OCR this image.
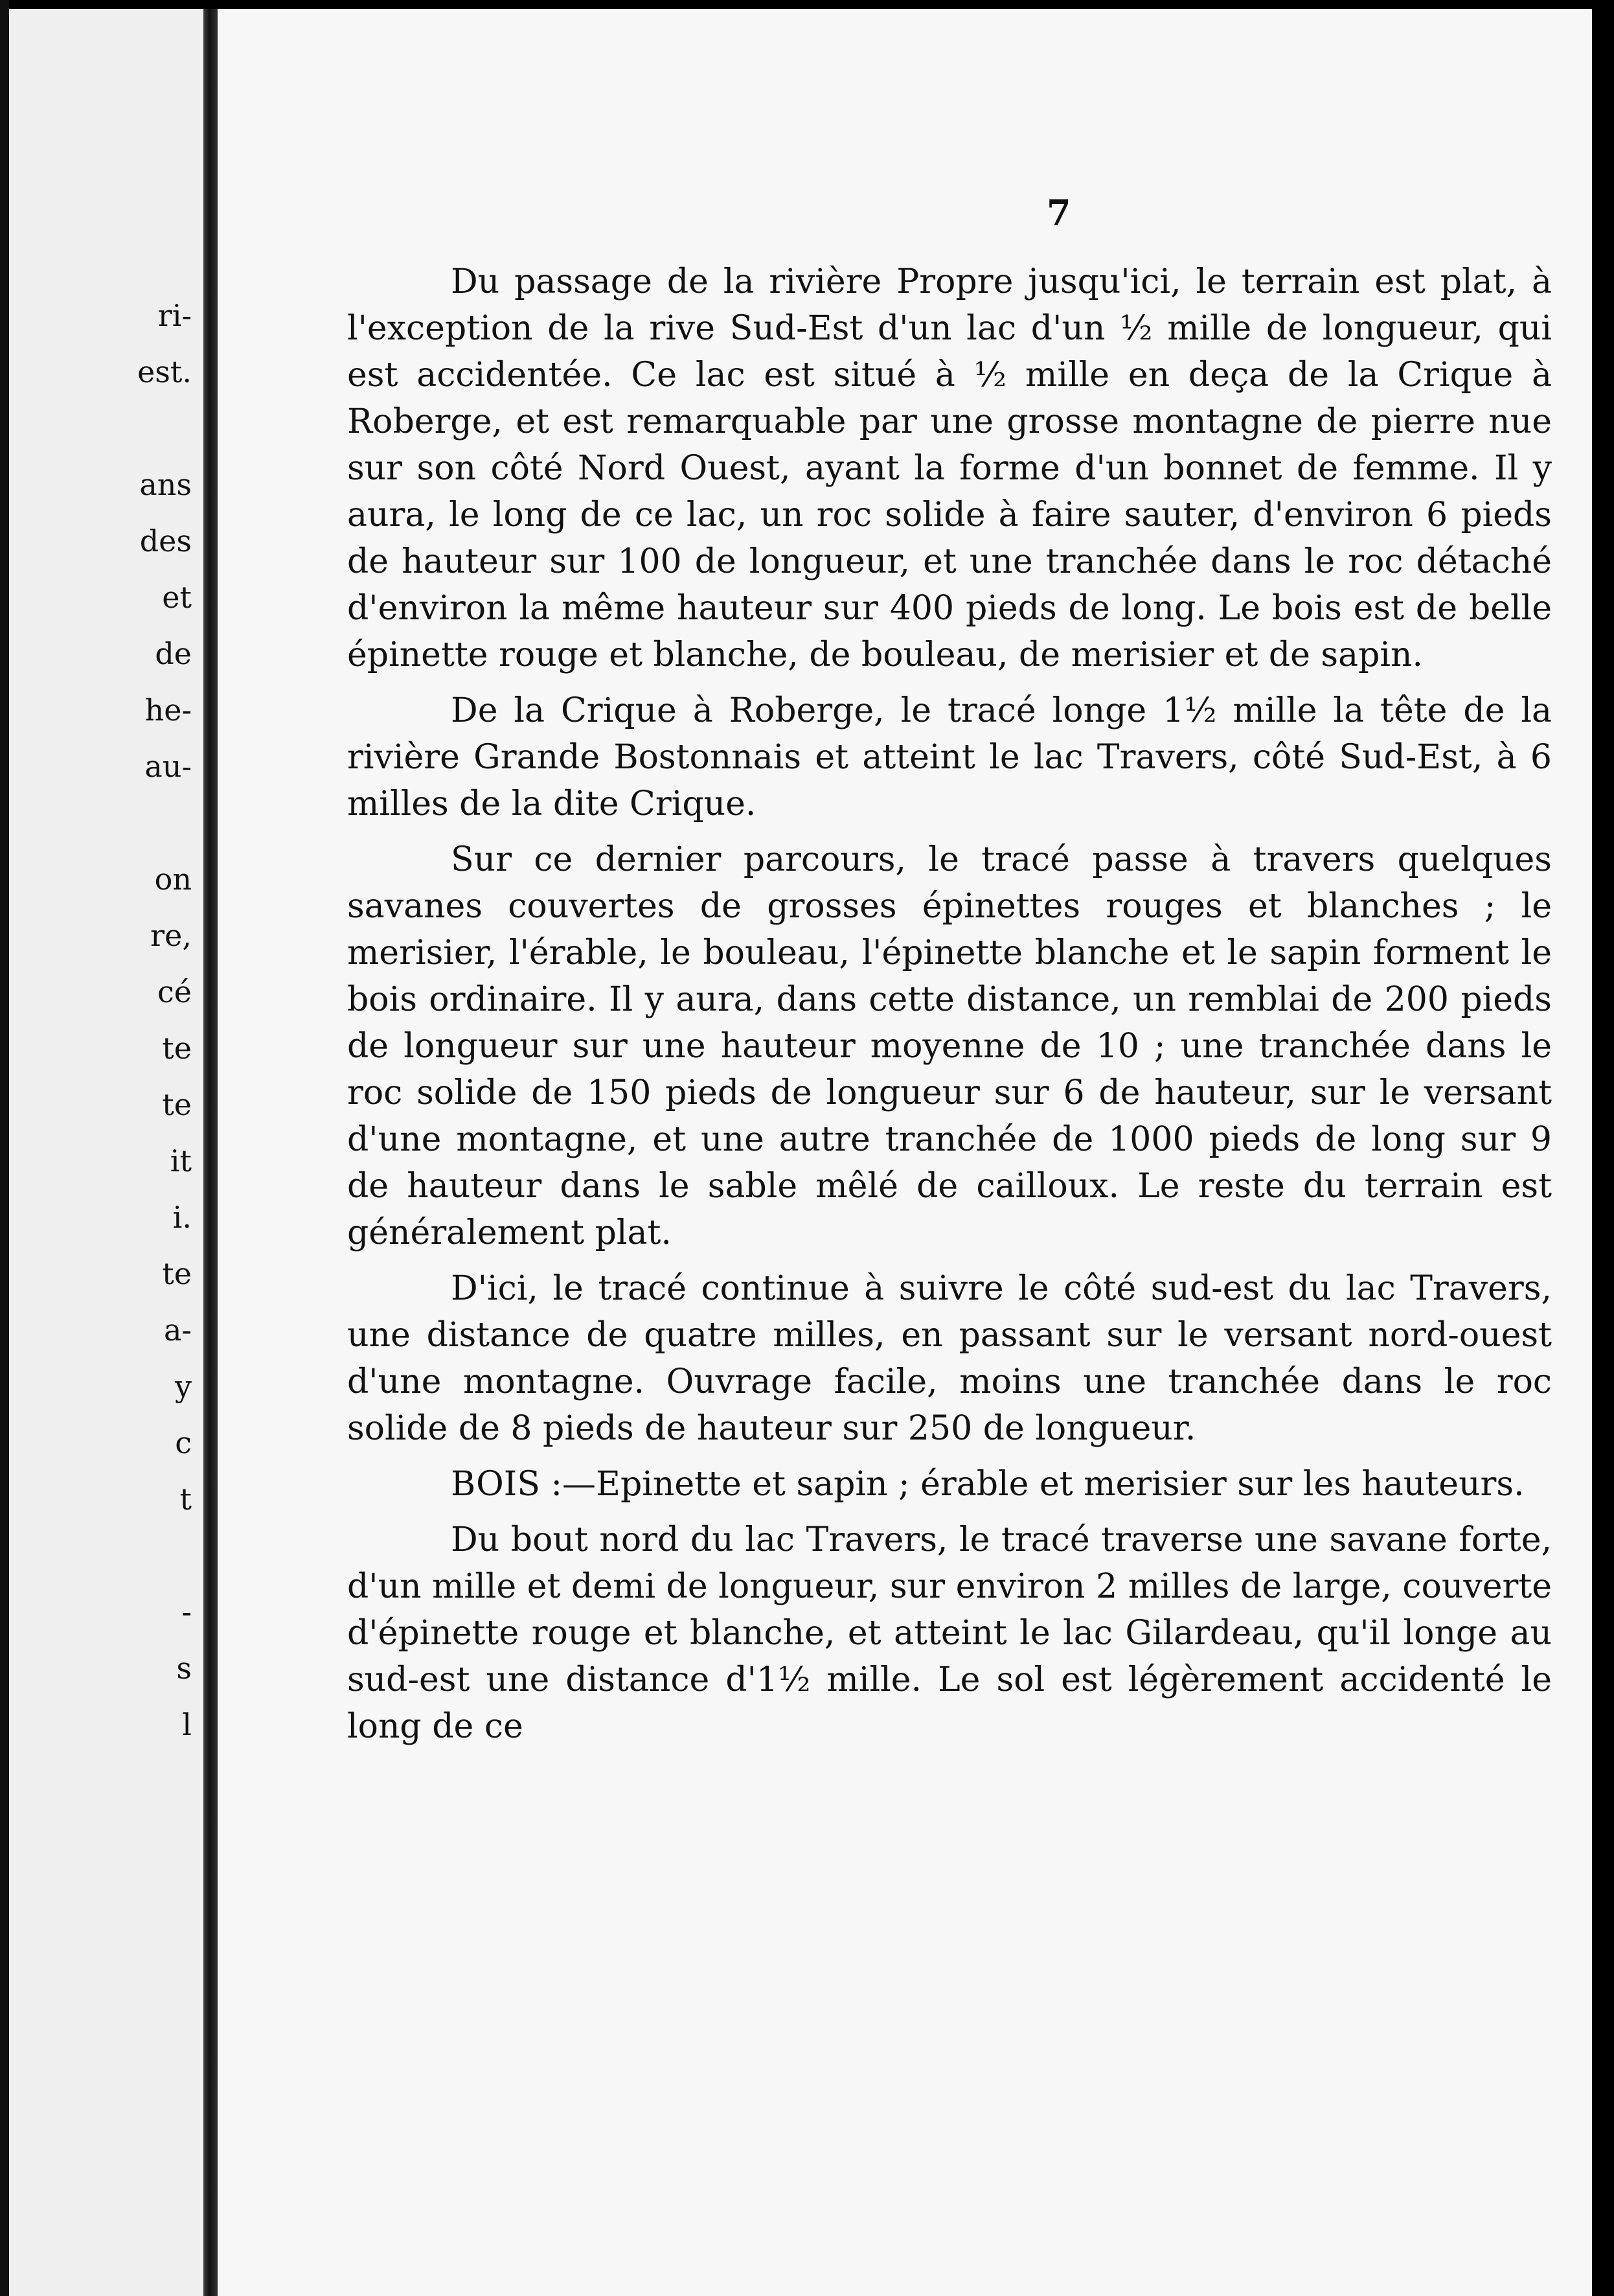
ri-
est.
ans
des
et
de
he-
au-
on
re,
cé
te
te
it
i.
te
a-
y
c
t
-
s
l
7

Du passage de la rivière Propre jusqu'ici, le terrain est plat, à l'exception de la rive Sud-Est d'un lac d'un ½ mille de longueur, qui est accidentée. Ce lac est situé à ½ mille en deça de la Crique à Roberge, et est remarquable par une grosse montagne de pierre nue sur son côté Nord Ouest, ayant la forme d'un bonnet de femme. Il y aura, le long de ce lac, un roc solide à faire sauter, d'environ 6 pieds de hauteur sur 100 de longueur, et une tranchée dans le roc détaché d'environ la même hauteur sur 400 pieds de long. Le bois est de belle épinette rouge et blanche, de bouleau, de merisier et de sapin.

De la Crique à Roberge, le tracé longe 1½ mille la tête de la rivière Grande Bostonnais et atteint le lac Travers, côté Sud-Est, à 6 milles de la dite Crique.

Sur ce dernier parcours, le tracé passe à travers quelques savanes couvertes de grosses épinettes rouges et blanches ; le merisier, l'érable, le bouleau, l'épinette blanche et le sapin forment le bois ordinaire. Il y aura, dans cette distance, un remblai de 200 pieds de longueur sur une hauteur moyenne de 10 ; une tranchée dans le roc solide de 150 pieds de longueur sur 6 de hauteur, sur le versant d'une montagne, et une autre tranchée de 1000 pieds de long sur 9 de hauteur dans le sable mêlé de cailloux. Le reste du terrain est généralement plat.

D'ici, le tracé continue à suivre le côté sud-est du lac Travers, une distance de quatre milles, en passant sur le versant nord-ouest d'une montagne. Ouvrage facile, moins une tranchée dans le roc solide de 8 pieds de hauteur sur 250 de longueur.

BOIS :—Epinette et sapin ; érable et merisier sur les hauteurs.

Du bout nord du lac Travers, le tracé traverse une savane forte, d'un mille et demi de longueur, sur environ 2 milles de large, couverte d'épinette rouge et blanche, et atteint le lac Gilardeau, qu'il longe au sud-est une distance d'1½ mille. Le sol est légèrement accidenté le long de ce
